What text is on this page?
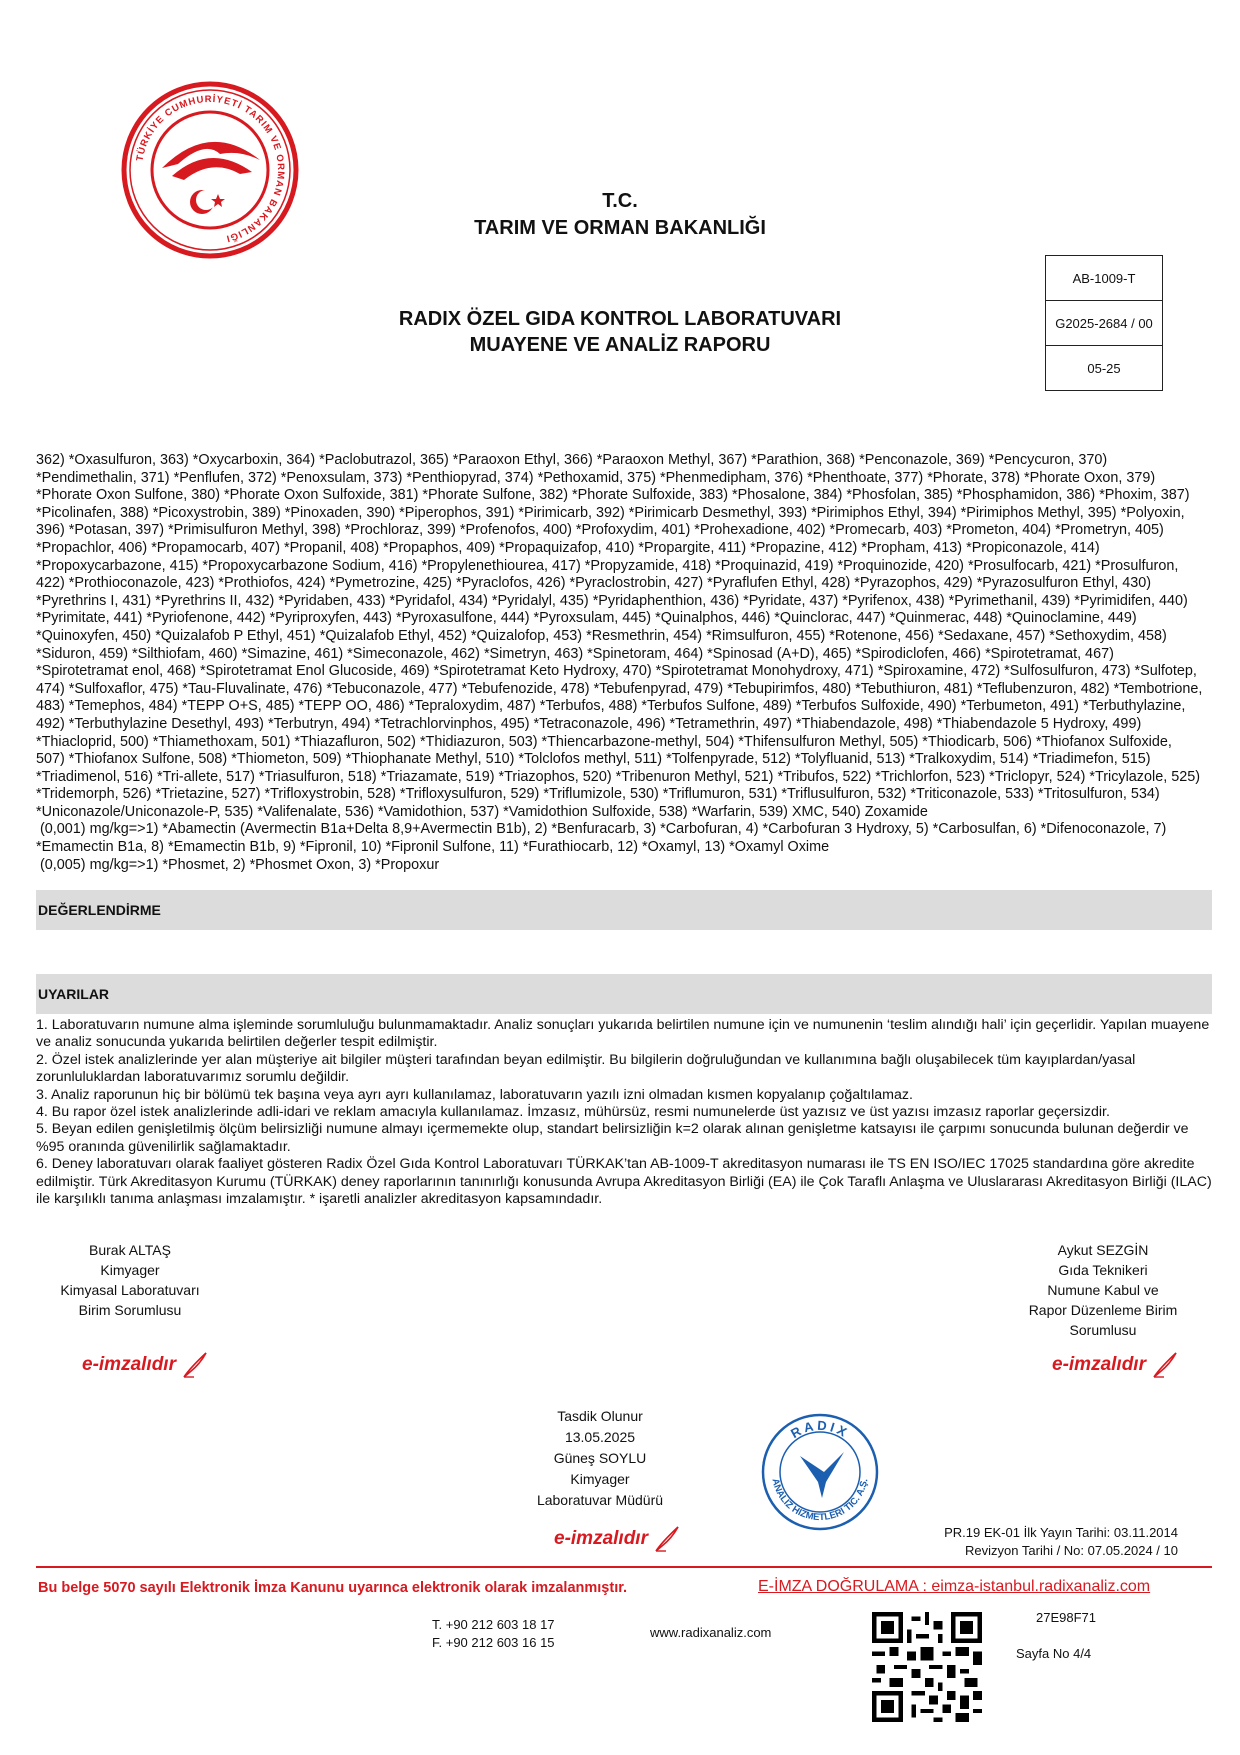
TÜRKİYE CUMHURİYETİ TARIM VE ORMAN BAKANLIĞI
T.C.
TARIM VE ORMAN BAKANLIĞI
RADIX ÖZEL GIDA KONTROL LABORATUVARI
MUAYENE VE ANALİZ RAPORU
AB-1009-T
G2025-2684 / 00
05-25
362) *Oxasulfuron, 363) *Oxycarboxin, 364) *Paclobutrazol, 365) *Paraoxon Ethyl, 366) *Paraoxon Methyl, 367) *Parathion, 368) *Penconazole, 369) *Pencycuron, 370) *Pendimethalin, 371) *Penflufen, 372) *Penoxsulam, 373) *Penthiopyrad, 374) *Pethoxamid, 375) *Phenmedipham, 376) *Phenthoate, 377) *Phorate, 378) *Phorate Oxon, 379) *Phorate Oxon Sulfone, 380) *Phorate Oxon Sulfoxide, 381) *Phorate Sulfone, 382) *Phorate Sulfoxide, 383) *Phosalone, 384) *Phosfolan, 385) *Phosphamidon, 386) *Phoxim, 387) *Picolinafen, 388) *Picoxystrobin, 389) *Pinoxaden, 390) *Piperophos, 391) *Pirimicarb, 392) *Pirimicarb Desmethyl, 393) *Pirimiphos Ethyl, 394) *Pirimiphos Methyl, 395) *Polyoxin, 396) *Potasan, 397) *Primisulfuron Methyl, 398) *Prochloraz, 399) *Profenofos, 400) *Profoxydim, 401) *Prohexadione, 402) *Promecarb, 403) *Prometon, 404) *Prometryn, 405) *Propachlor, 406) *Propamocarb, 407) *Propanil, 408) *Propaphos, 409) *Propaquizafop, 410) *Propargite, 411) *Propazine, 412) *Propham, 413) *Propiconazole, 414) *Propoxycarbazone, 415) *Propoxycarbazone Sodium, 416) *Propylenethiourea, 417) *Propyzamide, 418) *Proquinazid, 419) *Proquinozide, 420) *Prosulfocarb, 421) *Prosulfuron, 422) *Prothioconazole, 423) *Prothiofos, 424) *Pymetrozine, 425) *Pyraclofos, 426) *Pyraclostrobin, 427) *Pyraflufen Ethyl, 428) *Pyrazophos, 429) *Pyrazosulfuron Ethyl, 430) *Pyrethrins I, 431) *Pyrethrins II, 432) *Pyridaben, 433) *Pyridafol, 434) *Pyridalyl, 435) *Pyridaphenthion, 436) *Pyridate, 437) *Pyrifenox, 438) *Pyrimethanil, 439) *Pyrimidifen, 440) *Pyrimitate, 441) *Pyriofenone, 442) *Pyriproxyfen, 443) *Pyroxasulfone, 444) *Pyroxsulam, 445) *Quinalphos, 446) *Quinclorac, 447) *Quinmerac, 448) *Quinoclamine, 449) *Quinoxyfen, 450) *Quizalafob P Ethyl, 451) *Quizalafob Ethyl, 452) *Quizalofop, 453) *Resmethrin, 454) *Rimsulfuron, 455) *Rotenone, 456) *Sedaxane, 457) *Sethoxydim, 458) *Siduron, 459) *Silthiofam, 460) *Simazine, 461) *Simeconazole, 462) *Simetryn, 463) *Spinetoram, 464) *Spinosad (A+D), 465) *Spirodiclofen, 466) *Spirotetramat, 467) *Spirotetramat enol, 468) *Spirotetramat Enol Glucoside, 469) *Spirotetramat Keto Hydroxy, 470) *Spirotetramat Monohydroxy, 471) *Spiroxamine, 472) *Sulfosulfuron, 473) *Sulfotep, 474) *Sulfoxaflor, 475) *Tau-Fluvalinate, 476) *Tebuconazole, 477) *Tebufenozide, 478) *Tebufenpyrad, 479) *Tebupirimfos, 480) *Tebuthiuron, 481) *Teflubenzuron, 482) *Tembotrione, 483) *Temephos, 484) *TEPP O+S, 485) *TEPP OO, 486) *Tepraloxydim, 487) *Terbufos, 488) *Terbufos Sulfone, 489) *Terbufos Sulfoxide, 490) *Terbumeton, 491) *Terbuthylazine, 492) *Terbuthylazine Desethyl, 493) *Terbutryn, 494) *Tetrachlorvinphos, 495) *Tetraconazole, 496) *Tetramethrin, 497) *Thiabendazole, 498) *Thiabendazole 5 Hydroxy, 499) *Thiacloprid, 500) *Thiamethoxam, 501) *Thiazafluron, 502) *Thidiazuron, 503) *Thiencarbazone-methyl, 504) *Thifensulfuron Methyl, 505) *Thiodicarb, 506) *Thiofanox Sulfoxide, 507) *Thiofanox Sulfone, 508) *Thiometon, 509) *Thiophanate Methyl, 510) *Tolclofos methyl, 511) *Tolfenpyrade, 512) *Tolyfluanid, 513) *Tralkoxydim, 514) *Triadimefon, 515) *Triadimenol, 516) *Tri-allete, 517) *Triasulfuron, 518) *Triazamate, 519) *Triazophos, 520) *Tribenuron Methyl, 521) *Tribufos, 522) *Trichlorfon, 523) *Triclopyr, 524) *Tricylazole, 525) *Tridemorph, 526) *Trietazine, 527) *Trifloxystrobin, 528) *Trifloxysulfuron, 529) *Triflumizole, 530) *Triflumuron, 531) *Triflusulfuron, 532) *Triticonazole, 533) *Tritosulfuron, 534) *Uniconazole/Uniconazole-P, 535) *Valifenalate, 536) *Vamidothion, 537) *Vamidothion Sulfoxide, 538) *Warfarin, 539) XMC, 540) Zoxamide
(0,001) mg/kg=>1) *Abamectin (Avermectin B1a+Delta 8,9+Avermectin B1b), 2) *Benfuracarb, 3) *Carbofuran, 4) *Carbofuran 3 Hydroxy, 5) *Carbosulfan, 6) *Difenoconazole, 7) *Emamectin B1a, 8) *Emamectin B1b, 9) *Fipronil, 10) *Fipronil Sulfone, 11) *Furathiocarb, 12) *Oxamyl, 13) *Oxamyl Oxime
(0,005) mg/kg=>1) *Phosmet, 2) *Phosmet Oxon, 3) *Propoxur
DEĞERLENDİRME
UYARILAR

1. Laboratuvarın numune alma işleminde sorumluluğu bulunmamaktadır. Analiz sonuçları yukarıda belirtilen numune için ve numunenin ‘teslim alındığı hali’ için geçerlidir. Yapılan muayene ve analiz sonucunda yukarıda belirtilen değerler tespit edilmiştir.

2. Özel istek analizlerinde yer alan müşteriye ait bilgiler müşteri tarafından beyan edilmiştir. Bu bilgilerin doğruluğundan ve kullanımına bağlı oluşabilecek tüm kayıplardan/yasal zorunluluklardan laboratuvarımız sorumlu değildir.

3. Analiz raporunun hiç bir bölümü tek başına veya ayrı ayrı kullanılamaz, laboratuvarın yazılı izni olmadan kısmen kopyalanıp çoğaltılamaz.

4. Bu rapor özel istek analizlerinde adli-idari ve reklam amacıyla kullanılamaz. İmzasız, mühürsüz, resmi numunelerde üst yazısız ve üst yazısı imzasız raporlar geçersizdir.

5. Beyan edilen genişletilmiş ölçüm belirsizliği numune almayı içermemekte olup, standart belirsizliğin k=2 olarak alınan genişletme katsayısı ile çarpımı sonucunda bulunan değerdir ve %95 oranında güvenilirlik sağlamaktadır.

6. Deney laboratuvarı olarak faaliyet gösteren Radix Özel Gıda Kontrol Laboratuvarı TÜRKAK’tan AB-1009-T akreditasyon numarası ile TS EN ISO/IEC 17025 standardına göre akredite edilmiştir. Türk Akreditasyon Kurumu (TÜRKAK) deney raporlarının tanınırlığı konusunda Avrupa Akreditasyon Birliği (EA) ile Çok Taraflı Anlaşma ve Uluslararası Akreditasyon Birliği (ILAC) ile karşılıklı tanıma anlaşması imzalamıştır. * işaretli analizler akreditasyon kapsamındadır.

Burak ALTAŞ
Kimyager
Kimyasal Laboratuvarı
Birim Sorumlusu
e-imzalıdır
Aykut SEZGİN
Gıda Teknikeri
Numune Kabul ve
Rapor Düzenleme Birim
Sorumlusu
e-imzalıdır
Tasdik Olunur
13.05.2025
Güneş SOYLU
Kimyager
Laboratuvar Müdürü
e-imzalıdır
RADIX
ANALİZ HİZMETLERİ TİC. A.Ş.
PR.19 EK-01 İlk Yayın Tarihi: 03.11.2014
Revizyon Tarihi / No: 07.05.2024 / 10
Bu belge 5070 sayılı Elektronik İmza Kanunu uyarınca elektronik olarak imzalanmıştır.	E-İMZA DOĞRULAMA : eimza-istanbul.radixanaliz.com
T. +90 212 603 18 17
F. +90 212 603 16 15
www.radixanaliz.com
27E98F71
Sayfa No 4/4
